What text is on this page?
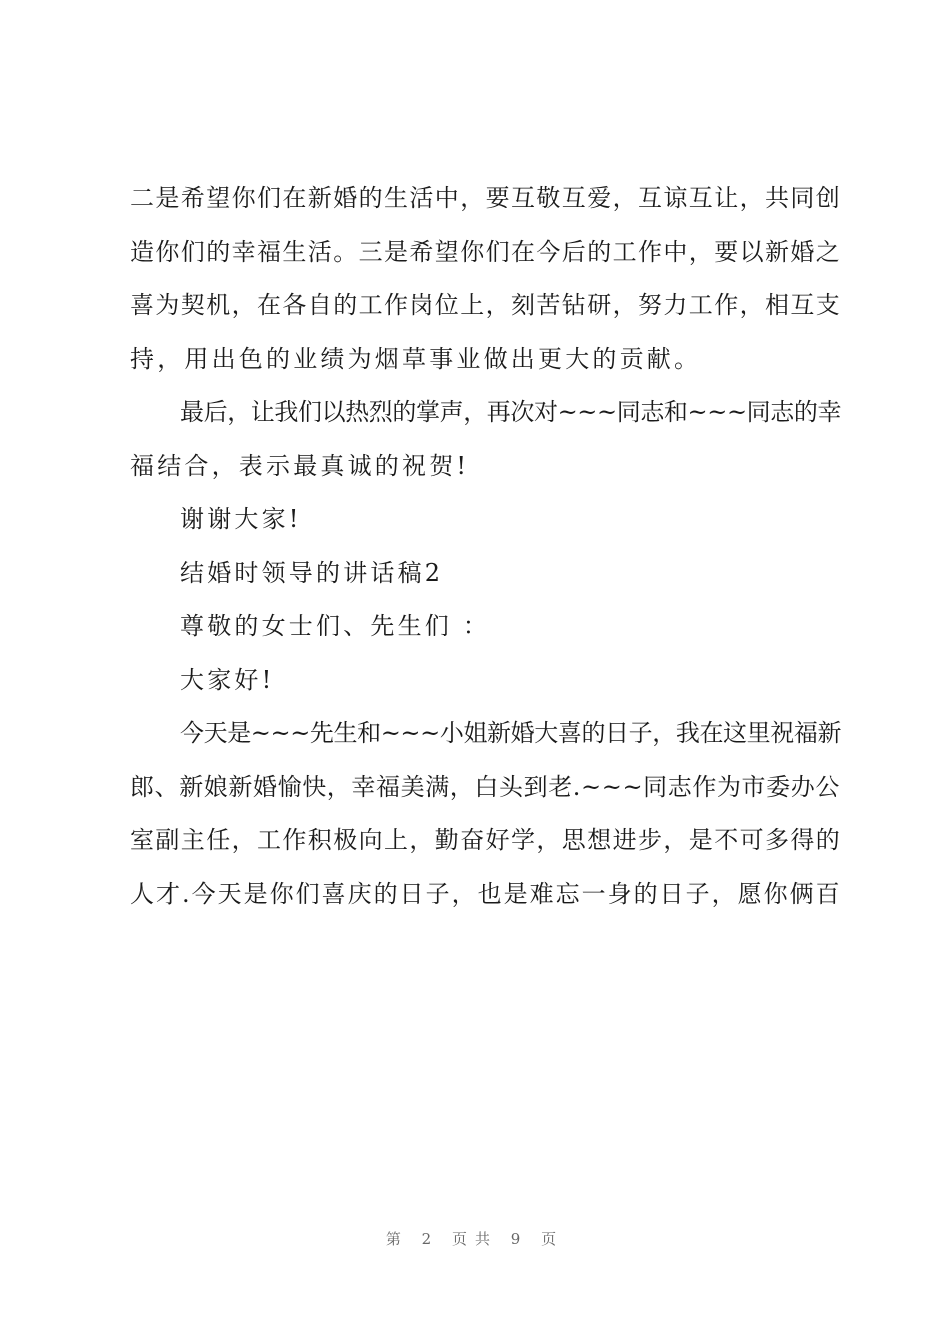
二是希望你们在新婚的生活中，要互敬互爱，互谅互让，共同创
造你们的幸福生活。三是希望你们在今后的工作中，要以新婚之
喜为契机，在各自的工作岗位上，刻苦钻研，努力工作，相互支
持，用出色的业绩为烟草事业做出更大的贡献。

最后，让我们以热烈的掌声，再次对~~~同志和~~~同志的幸
福结合，表示最真诚的祝贺!

谢谢大家!

结婚时领导的讲话稿2

尊敬的女士们、先生们 ：

大家好!

今天是~~~先生和~~~小姐新婚大喜的日子，我在这里祝福新
郎、新娘新婚愉快，幸福美满，白头到老.~~~同志作为市委办公
室副主任，工作积极向上，勤奋好学，思想进步，是不可多得的
人才.今天是你们喜庆的日子，也是难忘一身的日子，愿你俩百

第 2 页共 9 页
